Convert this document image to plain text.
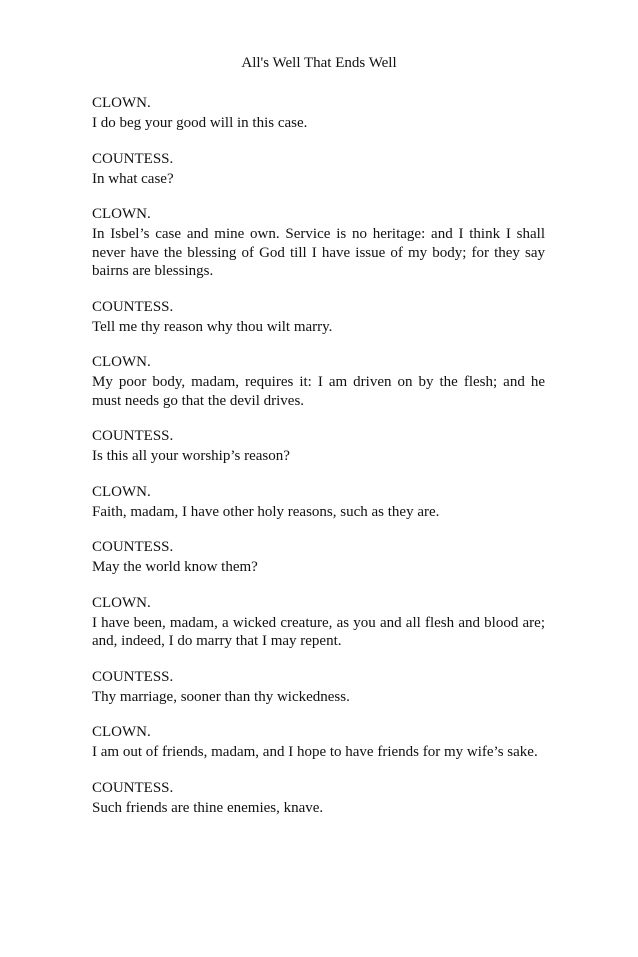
All's Well That Ends Well

CLOWN.

I do beg your good will in this case.

COUNTESS.

In what case?

CLOWN.

In Isbel’s case and mine own. Service is no heritage: and I think I shall never have the blessing of God till I have issue of my body; for they say bairns are blessings.

COUNTESS.

Tell me thy reason why thou wilt marry.

CLOWN.

My poor body, madam, requires it: I am driven on by the flesh; and he must needs go that the devil drives.

COUNTESS.

Is this all your worship’s reason?

CLOWN.

Faith, madam, I have other holy reasons, such as they are.

COUNTESS.

May the world know them?

CLOWN.

I have been, madam, a wicked creature, as you and all flesh and blood are; and, indeed, I do marry that I may repent.

COUNTESS.

Thy marriage, sooner than thy wickedness.

CLOWN.

I am out of friends, madam, and I hope to have friends for my wife’s sake.

COUNTESS.

Such friends are thine enemies, knave.
